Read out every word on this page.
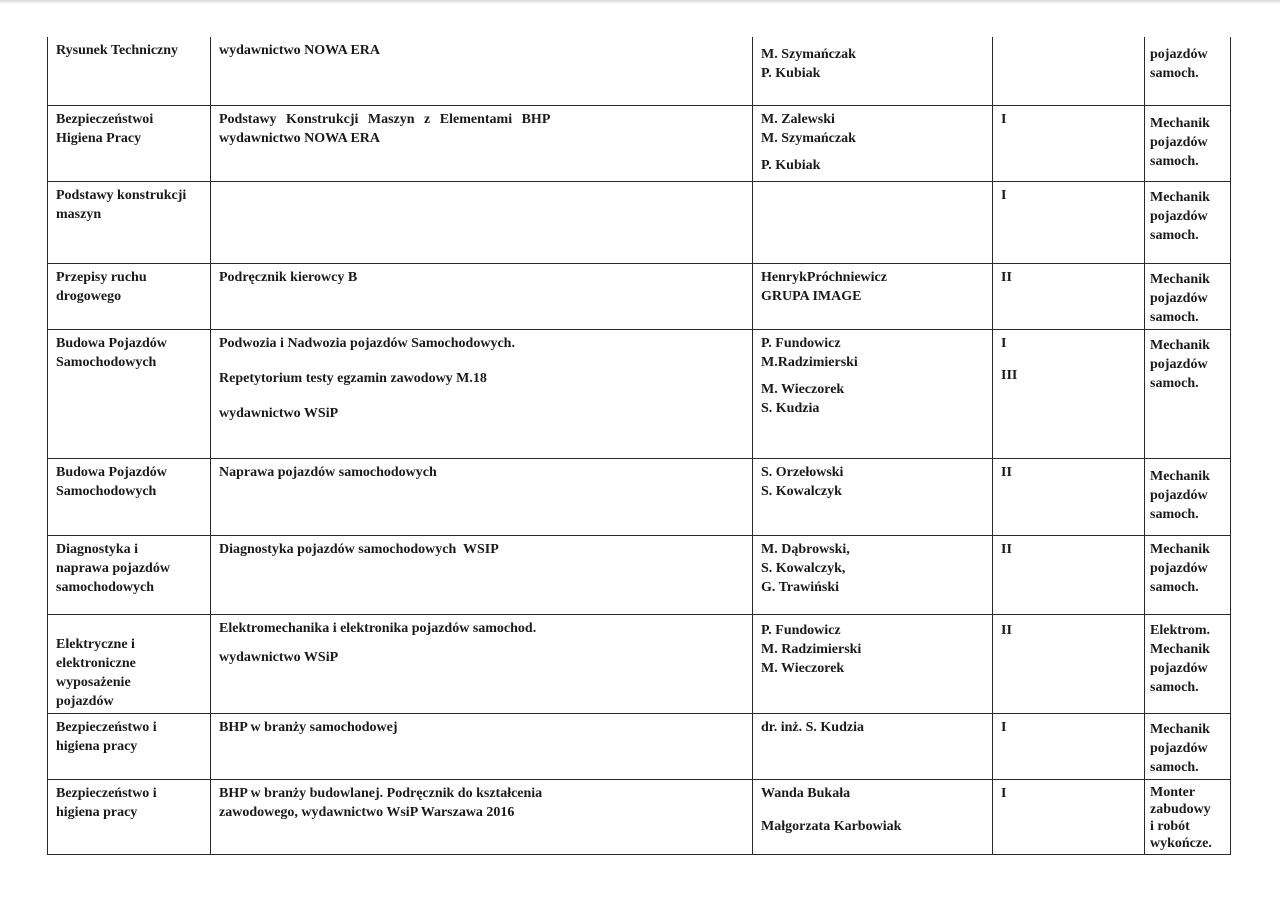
Rysunek Techniczny	wydawnictwo NOWA ERA	M. Szymańczak
P. Kubiak		pojazdów
samoch.

Bezpieczeństwoi
Higiena Pracy	Podstawy Konstrukcji Maszyn z Elementami BHP
wydawnictwo NOWA ERA	M. Zalewski
M. Szymańczak
P. Kubiak	I	Mechanik
pojazdów
samoch.

Podstawy konstrukcji
maszyn			I	Mechanik
pojazdów
samoch.

Przepisy ruchu
drogowego	Podręcznik kierowcy B	HenrykPróchniewicz
GRUPA IMAGE	II	Mechanik
pojazdów
samoch.

Budowa Pojazdów
Samochodowych	Podwozia i Nadwozia pojazdów Samochodowych.
Repetytorium testy egzamin zawodowy M.18
wydawnictwo WSiP	P. Fundowicz
M.Radzimierski
M. Wieczorek
S. Kudzia	I
III	Mechanik
pojazdów
samoch.

Budowa Pojazdów
Samochodowych	Naprawa pojazdów samochodowych	S. Orzełowski
S. Kowalczyk	II	Mechanik
pojazdów
samoch.

Diagnostyka i
naprawa pojazdów
samochodowych	Diagnostyka pojazdów samochodowych  WSIP	M. Dąbrowski,
S. Kowalczyk,
G. Trawiński	II	Mechanik
pojazdów
samoch.

Elektryczne i
elektroniczne
wyposażenie
pojazdów	Elektromechanika i elektronika pojazdów samochod.
wydawnictwo WSiP	P. Fundowicz
M. Radzimierski
M. Wieczorek	II	Elektrom.
Mechanik
pojazdów
samoch.

Bezpieczeństwo i
higiena pracy	BHP w branży samochodowej	dr. inż. S. Kudzia	I	Mechanik
pojazdów
samoch.

Bezpieczeństwo i
higiena pracy	BHP w branży budowlanej. Podręcznik do kształcenia
zawodowego, wydawnictwo WsiP Warszawa 2016	Wanda Bukała
Małgorzata Karbowiak	I	Monter
zabudowy
i robót
wykończe.
